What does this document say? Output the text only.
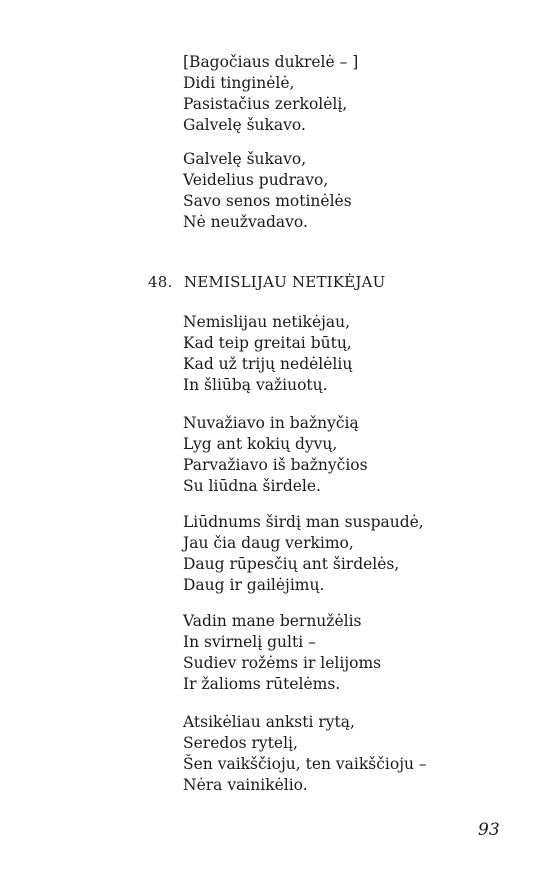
[Bagočiaus dukrelė – ]
Didi tinginėlė,
Pasistačius zerkolėlį,
Galvelę šukavo.
Galvelę šukavo,
Veidelius pudravo,
Savo senos motinėlės
Nė neužvadavo.
48. NEMISLIJAU NETIKĖJAU
Nemislijau netikėjau,
Kad teip greitai būtų,
Kad už trijų nedėlėlių
In šliūbą važiuotų.
Nuvažiavo in bažnyčią
Lyg ant kokių dyvų,
Parvažiavo iš bažnyčios
Su liūdna širdele.
Liūdnums širdį man suspaudė,
Jau čia daug verkimo,
Daug rūpesčių ant širdelės,
Daug ir gailėjimų.
Vadin mane bernužėlis
In svirnelį gulti –
Sudiev rožėms ir lelijoms
Ir žalioms rūtelėms.
Atsikėliau anksti rytą,
Seredos rytelį,
Šen vaikščioju, ten vaikščioju –
Nėra vainikėlio.
93
